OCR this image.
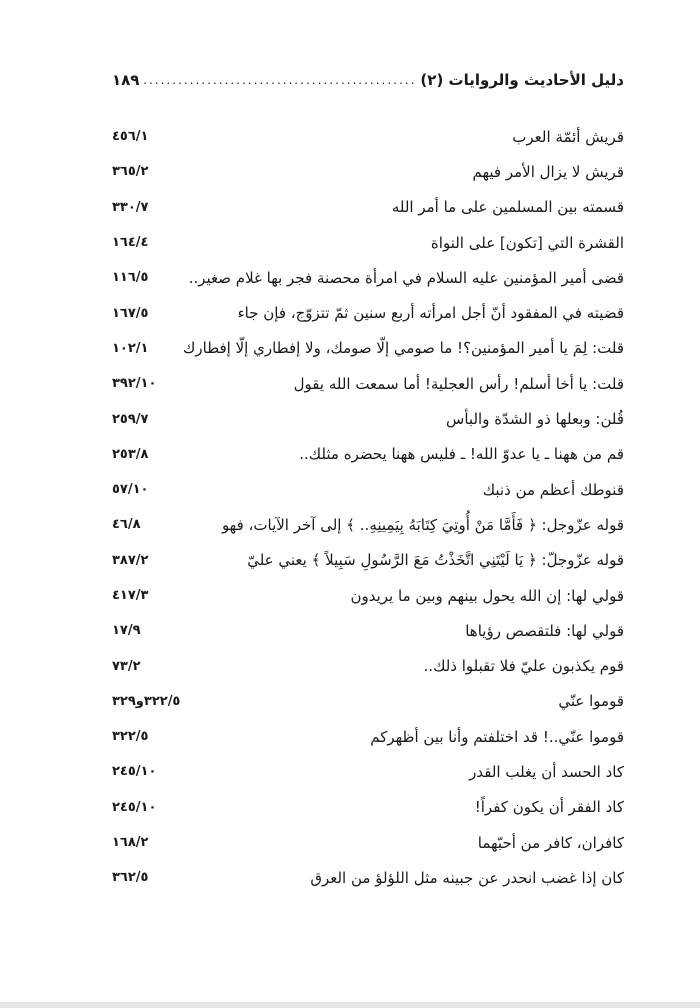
دليل الأحاديث والروايات (٢)
.....
١٨٩
قريش أئمّة العرب
٤٥٦/١
قريش لا يزال الأمر فيهم
٣٦٥/٢
قسمته بين المسلمين على ما أمر الله
٣٣٠/٧
القشرة التي [تكون] على النواة
١٦٤/٤
قضى أمير المؤمنين عليه السلام في امرأة محصنة فجر بها غلام صغير..
١١٦/٥
قضيته في المفقود أنّ أجل امرأته أربع سنين ثمّ تتزوّج، فإن جاء
١٦٧/٥
قلت: لِمَ يا أمير المؤمنين؟! ما صومي إلّا صومك، ولا إفطاري إلّا إفطارك
١٠٢/١
قلت: يا أخا أسلم! رأس العجلية! أما سمعت الله يقول
٣٩٢/١٠
قُلن: وبعلها ذو الشدّة والبأس
٢٥٩/٧
قم من ههنا ـ يا عدوّ الله! ـ فليس ههنا يحضره مثلك..
٢٥٣/٨
قنوطك أعظم من ذنبك
٥٧/١٠
قوله عزّوجل: ﴿ فَأَمَّا مَنْ أُوتِيَ كِتَابَهُ بِيَمِينِهِ.. ﴾ إلى آخر الآيات، فهو
٤٦/٨
قوله عزّوجلّ: ﴿ يَا لَيْتَنِي اتَّخَذْتُ مَعَ الرَّسُولِ سَبِيلاً ﴾ يعني عليّ
٣٨٧/٢
قولي لها: إن الله يحول بينهم وبين ما يريدون
٤١٧/٣
قولي لها: فلتقصص رؤياها
١٧/٩
قوم يكذبون عليّ فلا تقبلوا ذلك..
٧٣/٢
قوموا عنّي
٣٢٩و٣٢٢/٥
قوموا عنّي..! قد اختلفتم وأنا بين أظهركم
٣٢٢/٥
كاد الحسد أن يغلب القدر
٢٤٥/١٠
كاد الفقر أن يكون كفراً!
٢٤٥/١٠
كافران، كافر من أحبّهما
١٦٨/٢
كان إذا غضب انحدر عن جبينه مثل اللؤلؤ من العرق
٣٦٢/٥
